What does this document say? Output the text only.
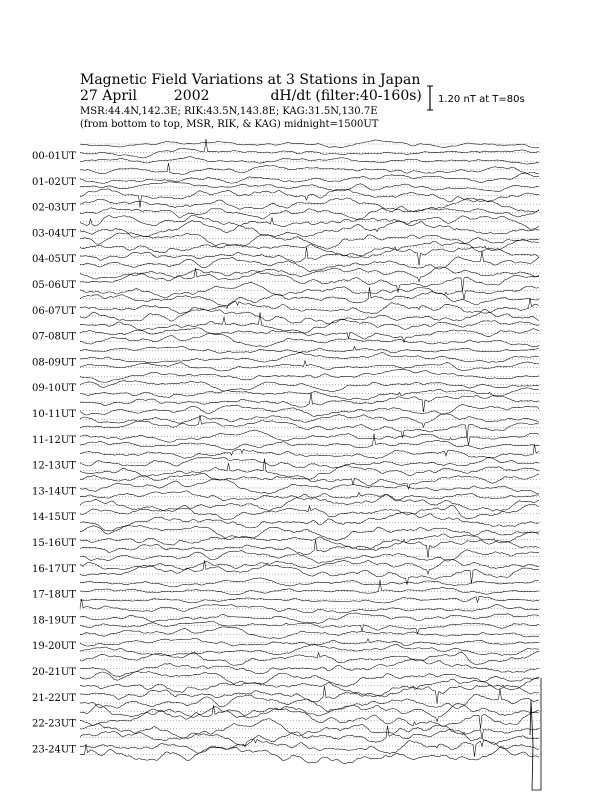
Magnetic Field Variations at 3 Stations in Japan
27 April	2002	dH/dt (filter:40-160s)
MSR:44.4N,142.3E; RIK:43.5N,143.8E; KAG:31.5N,130.7E
(from bottom to top, MSR, RIK, & KAG) midnight=1500UT
1.20 nT at T=80s
00-01UT
01-02UT
02-03UT
03-04UT
04-05UT
05-06UT
06-07UT
07-08UT
08-09UT
09-10UT
10-11UT
11-12UT
12-13UT
13-14UT
14-15UT
15-16UT
16-17UT
17-18UT
18-19UT
19-20UT
20-21UT
21-22UT
22-23UT
23-24UT
